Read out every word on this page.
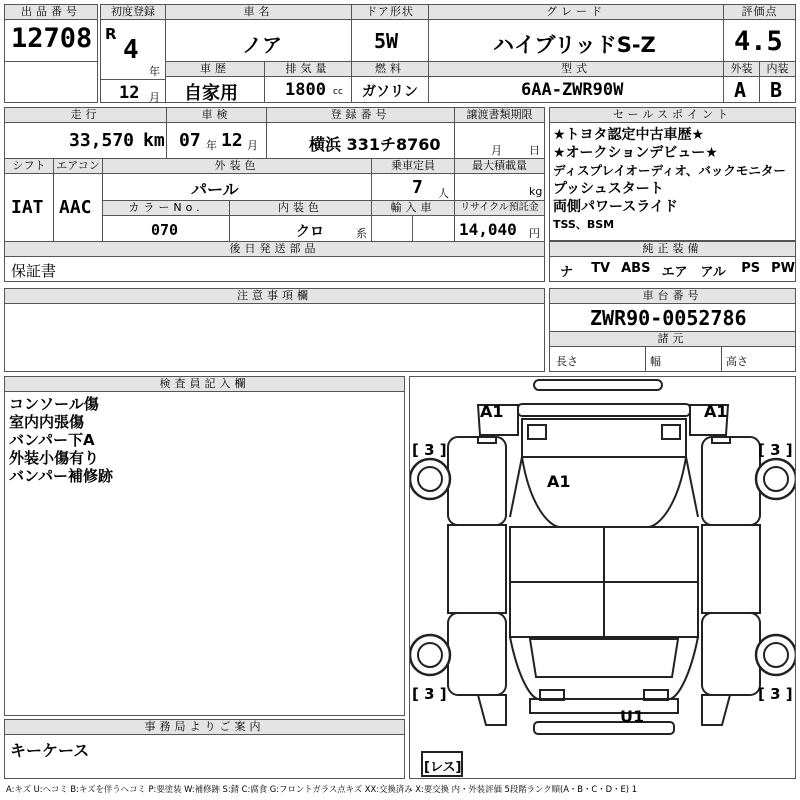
出品番号
12708
初度登録
R
4
年
12 月
車名
ノア
ドア形状
5W
グレード
ハイブリッドS-Z
評価点
4.5
車歴
自家用
排気量
1800 cc
燃料
ガソリン
型式
6AA-ZWR90W
外装
A
内装
B
走行
33,570 km
車検
07 年 12 月
登録番号
横浜 331チ8760
譲渡書類期限
月 日
シフト
IAT
エアコン
AAC
外装色
パール
乗車定員
7 人
最大積載量
kg
カラーNo.
070
内装色
クロ	系
輸入車	リサイクル預託金
14,040 円
後日発送部品
保証書
セールスポイント
★トヨタ認定中古車歴★
★オークションデビュー★
ディスプレイオーディオ、バックモニター
プッシュスタート
両側パワースライド
TSS、BSM
純正装備
ナ	TV ABS エア アル	PS PW
注意事項欄	車台番号
ZWR90-0052786
諸元
長さ	幅	高さ
検査員記入欄
コンソール傷
室内内張傷
バンパー下A
外装小傷有り
バンパー補修跡
事務局よりご案内
キーケース
A1	A1
A1
U1
[ 3 ]	[ 3 ]
[ 3 ]	[ 3 ]
[レス]
A:キズ U:ヘコミ B:キズを伴うヘコミ P:要塗装 W:補修跡 S:錆 C:腐食 G:フロントガラス点キズ XX:交換済み X:要交換 内・外装評価 5段階ランク順(A・B・C・D・E) 1
